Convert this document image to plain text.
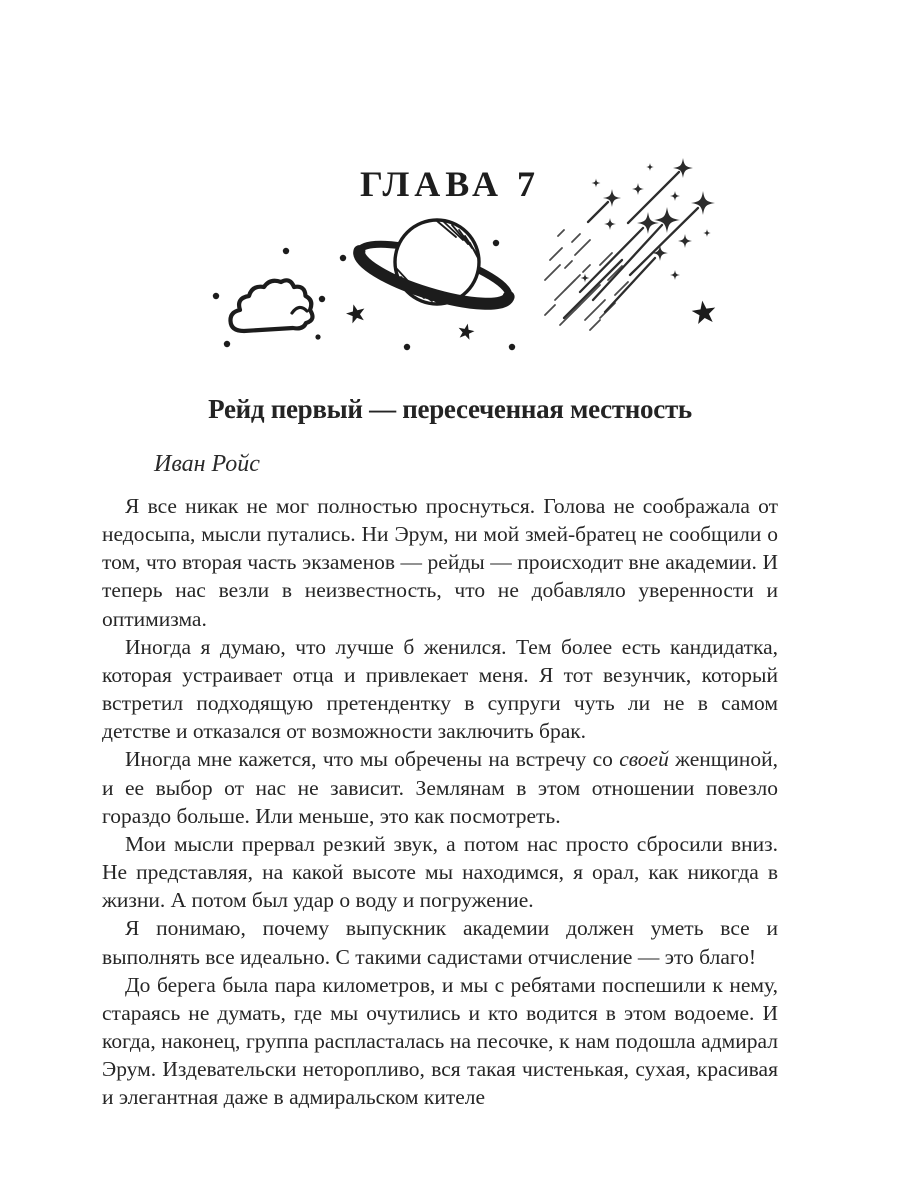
ГЛАВА 7
Рейд первый — пересеченная местность
Иван Ройс

Я все никак не мог полностью проснуться. Голова не соображала от недосыпа, мысли путались. Ни Эрум, ни мой змей-братец не сообщили о том, что вторая часть экзаменов — рейды — происходит вне академии. И теперь нас везли в неизвестность, что не добавляло уверенности и оптимизма.

Иногда я думаю, что лучше б женился. Тем более есть кандидатка, которая устраивает отца и привлекает меня. Я тот везунчик, который встретил подходящую претендентку в супруги чуть ли не в самом детстве и отказался от возможности заключить брак.

Иногда мне кажется, что мы обречены на встречу со своей женщиной, и ее выбор от нас не зависит. Землянам в этом отношении повезло гораздо больше. Или меньше, это как посмотреть.

Мои мысли прервал резкий звук, а потом нас просто сбросили вниз. Не представляя, на какой высоте мы находимся, я орал, как никогда в жизни. А потом был удар о воду и погружение.

Я понимаю, почему выпускник академии должен уметь все и выполнять все идеально. С такими садистами отчисление — это благо!

До берега была пара километров, и мы с ребятами поспешили к нему, стараясь не думать, где мы очутились и кто водится в этом водоеме. И когда, наконец, группа распласталась на песочке, к нам подошла адмирал Эрум. Издевательски неторопливо, вся такая чистенькая, сухая, красивая и элегантная даже в адмиральском кителе
